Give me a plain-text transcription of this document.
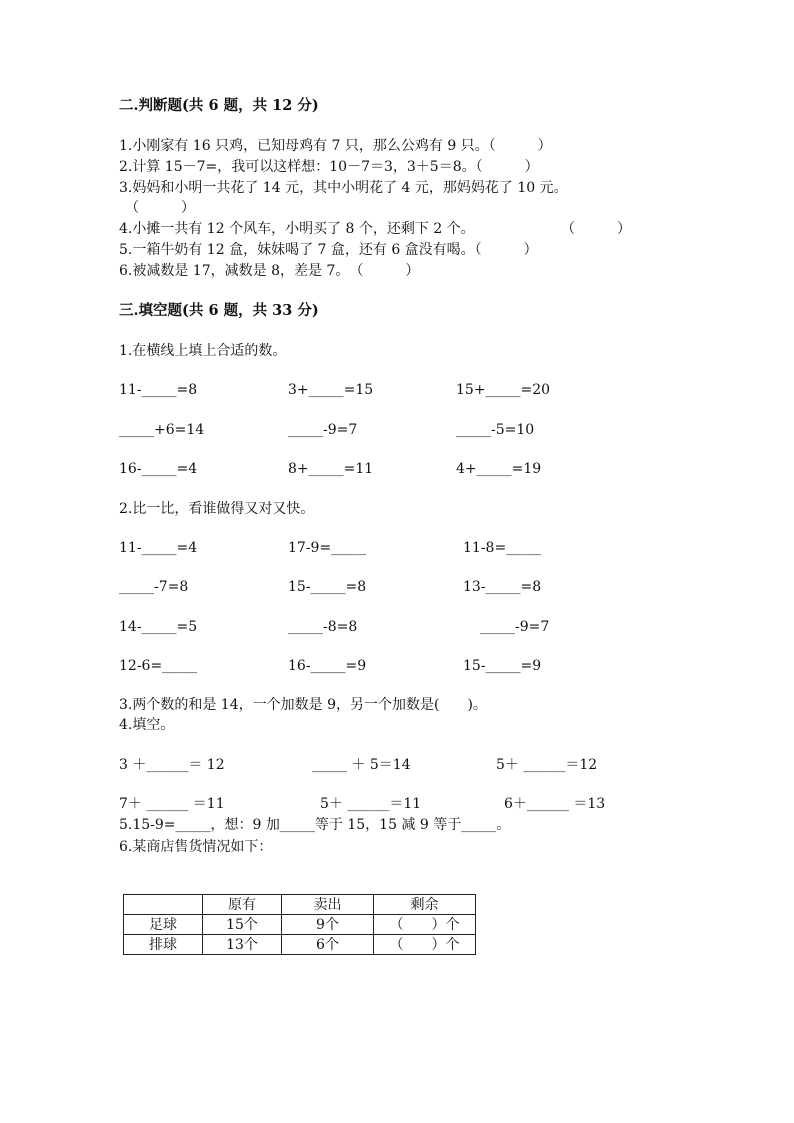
二.判断题(共 6 题，共 12 分)
1.小刚家有 16 只鸡，已知母鸡有 7 只，那么公鸡有 9 只。（　　　）
2.计算 15－7=，我可以这样想：10－7＝3，3＋5＝8。（　　　）
3.妈妈和小明一共花了 14 元，其中小明花了 4 元，那妈妈花了 10 元。
（　　　）
4.小摊一共有 12 个风车，小明买了 8 个，还剩下 2 个。	（　　　）
5.一箱牛奶有 12 盒，妹妹喝了 7 盒，还有 6 盒没有喝。（　　　）
6.被减数是 17，减数是 8，差是 7。　（　　　）
三.填空题(共 6 题，共 33 分)
1.在横线上填上合适的数。
11-_____=8	3+_____=15	15+_____=20
_____+6=14	_____-9=7	_____-5=10
16-_____=4	8+_____=11	4+_____=19
2.比一比，看谁做得又对又快。
11-_____=4	17-9=_____	11-8=_____
_____-7=8	15-_____=8	13-_____=8
14-_____=5	_____-8=8	_____-9=7
12-6=_____	16-_____=9	15-_____=9
3.两个数的和是 14，一个加数是 9，另一个加数是(　　)。
4.填空。
3 ＋______＝ 12	_____ ＋ 5＝14	5＋ ______＝12
7＋ ______ ＝11	5＋ ______＝11	6＋______ ＝13
5.15-9=_____，想：9 加_____等于 15，15 减 9 等于_____。
6.某商店售货情况如下：
	原有	卖出	剩余
足球	15个	9个	（　　）个
排球	13个	6个	（　　）个
